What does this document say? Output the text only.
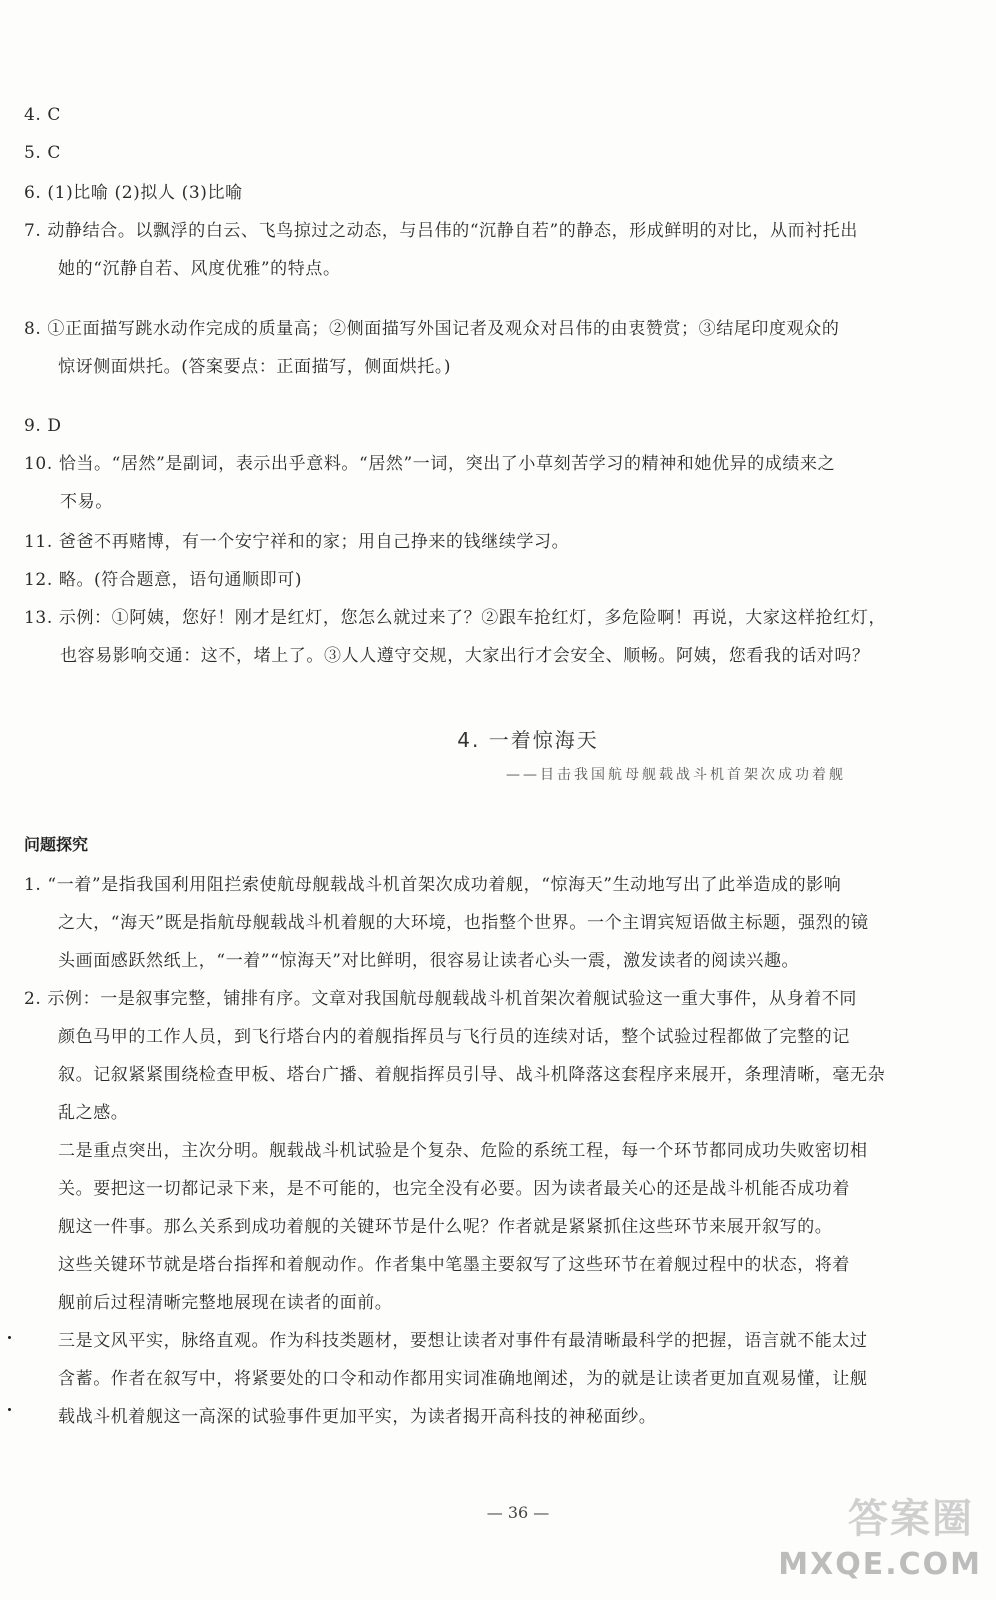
4. C
5. C
6. (1)比喻 (2)拟人 (3)比喻
7. 动静结合。以飘浮的白云、飞鸟掠过之动态，与吕伟的“沉静自若”的静态，形成鲜明的对比，从而衬托出
她的“沉静自若、风度优雅”的特点。
8. ①正面描写跳水动作完成的质量高；②侧面描写外国记者及观众对吕伟的由衷赞赏；③结尾印度观众的
惊讶侧面烘托。(答案要点：正面描写，侧面烘托。)
9. D
10. 恰当。“居然”是副词，表示出乎意料。“居然”一词，突出了小草刻苦学习的精神和她优异的成绩来之
不易。
11. 爸爸不再赌博，有一个安宁祥和的家；用自己挣来的钱继续学习。
12. 略。(符合题意，语句通顺即可)
13. 示例：①阿姨，您好！刚才是红灯，您怎么就过来了？②跟车抢红灯，多危险啊！再说，大家这样抢红灯，
也容易影响交通：这不，堵上了。③人人遵守交规，大家出行才会安全、顺畅。阿姨，您看我的话对吗？
4. 一着惊海天
——目击我国航母舰载战斗机首架次成功着舰
问题探究
1. “一着”是指我国利用阻拦索使航母舰载战斗机首架次成功着舰，“惊海天”生动地写出了此举造成的影响
之大，“海天”既是指航母舰载战斗机着舰的大环境，也指整个世界。一个主谓宾短语做主标题，强烈的镜
头画面感跃然纸上，“一着”“惊海天”对比鲜明，很容易让读者心头一震，激发读者的阅读兴趣。
2. 示例：一是叙事完整，铺排有序。文章对我国航母舰载战斗机首架次着舰试验这一重大事件，从身着不同
颜色马甲的工作人员，到飞行塔台内的着舰指挥员与飞行员的连续对话，整个试验过程都做了完整的记
叙。记叙紧紧围绕检查甲板、塔台广播、着舰指挥员引导、战斗机降落这套程序来展开，条理清晰，毫无杂
乱之感。
二是重点突出，主次分明。舰载战斗机试验是个复杂、危险的系统工程，每一个环节都同成功失败密切相
关。要把这一切都记录下来，是不可能的，也完全没有必要。因为读者最关心的还是战斗机能否成功着
舰这一件事。那么关系到成功着舰的关键环节是什么呢？作者就是紧紧抓住这些环节来展开叙写的。
这些关键环节就是塔台指挥和着舰动作。作者集中笔墨主要叙写了这些环节在着舰过程中的状态，将着
舰前后过程清晰完整地展现在读者的面前。
三是文风平实，脉络直观。作为科技类题材，要想让读者对事件有最清晰最科学的把握，语言就不能太过
含蓄。作者在叙写中，将紧要处的口令和动作都用实词准确地阐述，为的就是让读者更加直观易懂，让舰
载战斗机着舰这一高深的试验事件更加平实，为读者揭开高科技的神秘面纱。
— 36 —	答案圈
MXQE.COM
